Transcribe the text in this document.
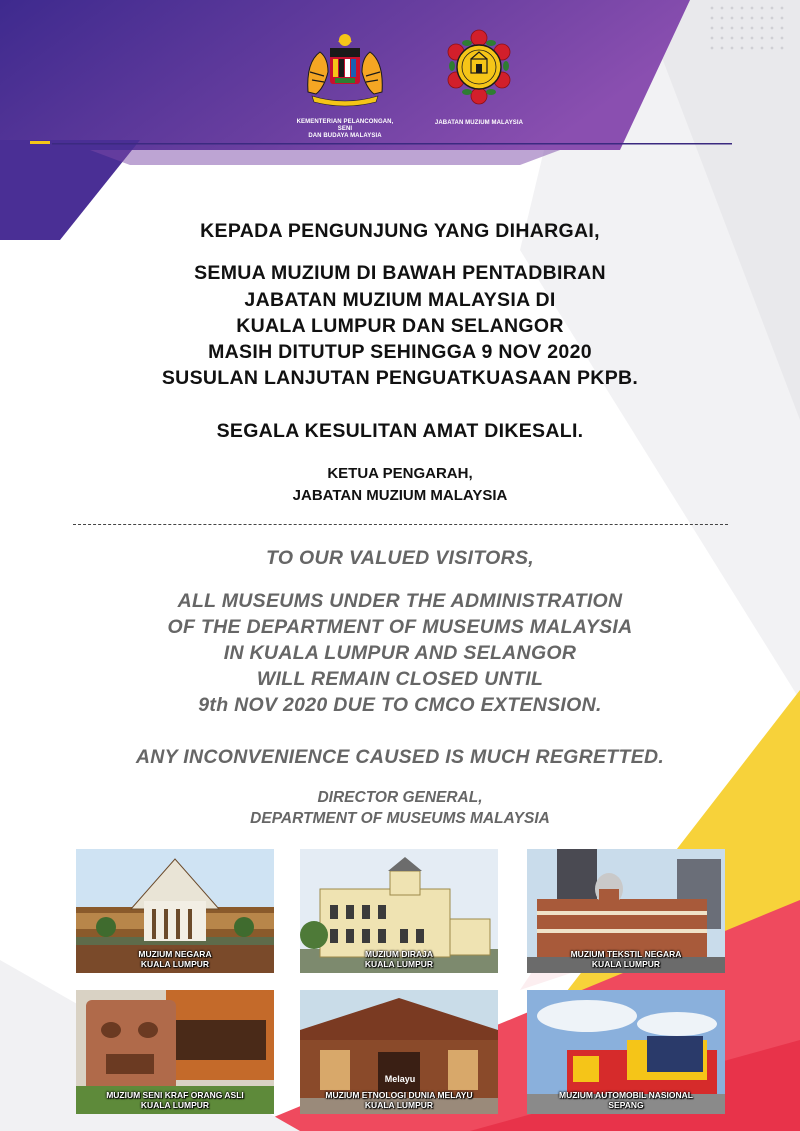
KEMENTERIAN PELANCONGAN, SENI
DAN BUDAYA MALAYSIA
JABATAN MUZIUM MALAYSIA
KEPADA PENGUNJUNG YANG DIHARGAI,
SEMUA MUZIUM DI BAWAH PENTADBIRAN
JABATAN MUZIUM MALAYSIA DI
KUALA LUMPUR DAN SELANGOR
MASIH DITUTUP SEHINGGA 9 NOV 2020
SUSULAN LANJUTAN PENGUATKUASAAN PKPB.
SEGALA KESULITAN AMAT DIKESALI.
KETUA PENGARAH,
JABATAN MUZIUM MALAYSIA
TO OUR VALUED VISITORS,
ALL MUSEUMS UNDER THE ADMINISTRATION
OF THE DEPARTMENT OF MUSEUMS MALAYSIA
IN KUALA LUMPUR AND SELANGOR
WILL REMAIN CLOSED UNTIL
9th NOV 2020 DUE TO CMCO EXTENSION.
ANY INCONVENIENCE CAUSED IS MUCH REGRETTED.
DIRECTOR GENERAL,
DEPARTMENT OF MUSEUMS MALAYSIA
MUZIUM NEGARA
KUALA LUMPUR
MUZIUM DIRAJA
KUALA LUMPUR
MUZIUM TEKSTIL NEGARA
KUALA LUMPUR
MUZIUM SENI KRAF ORANG ASLI
KUALA LUMPUR
Melayu
MUZIUM ETNOLOGI DUNIA MELAYU
KUALA LUMPUR
MUZIUM AUTOMOBIL NASIONAL
SEPANG
